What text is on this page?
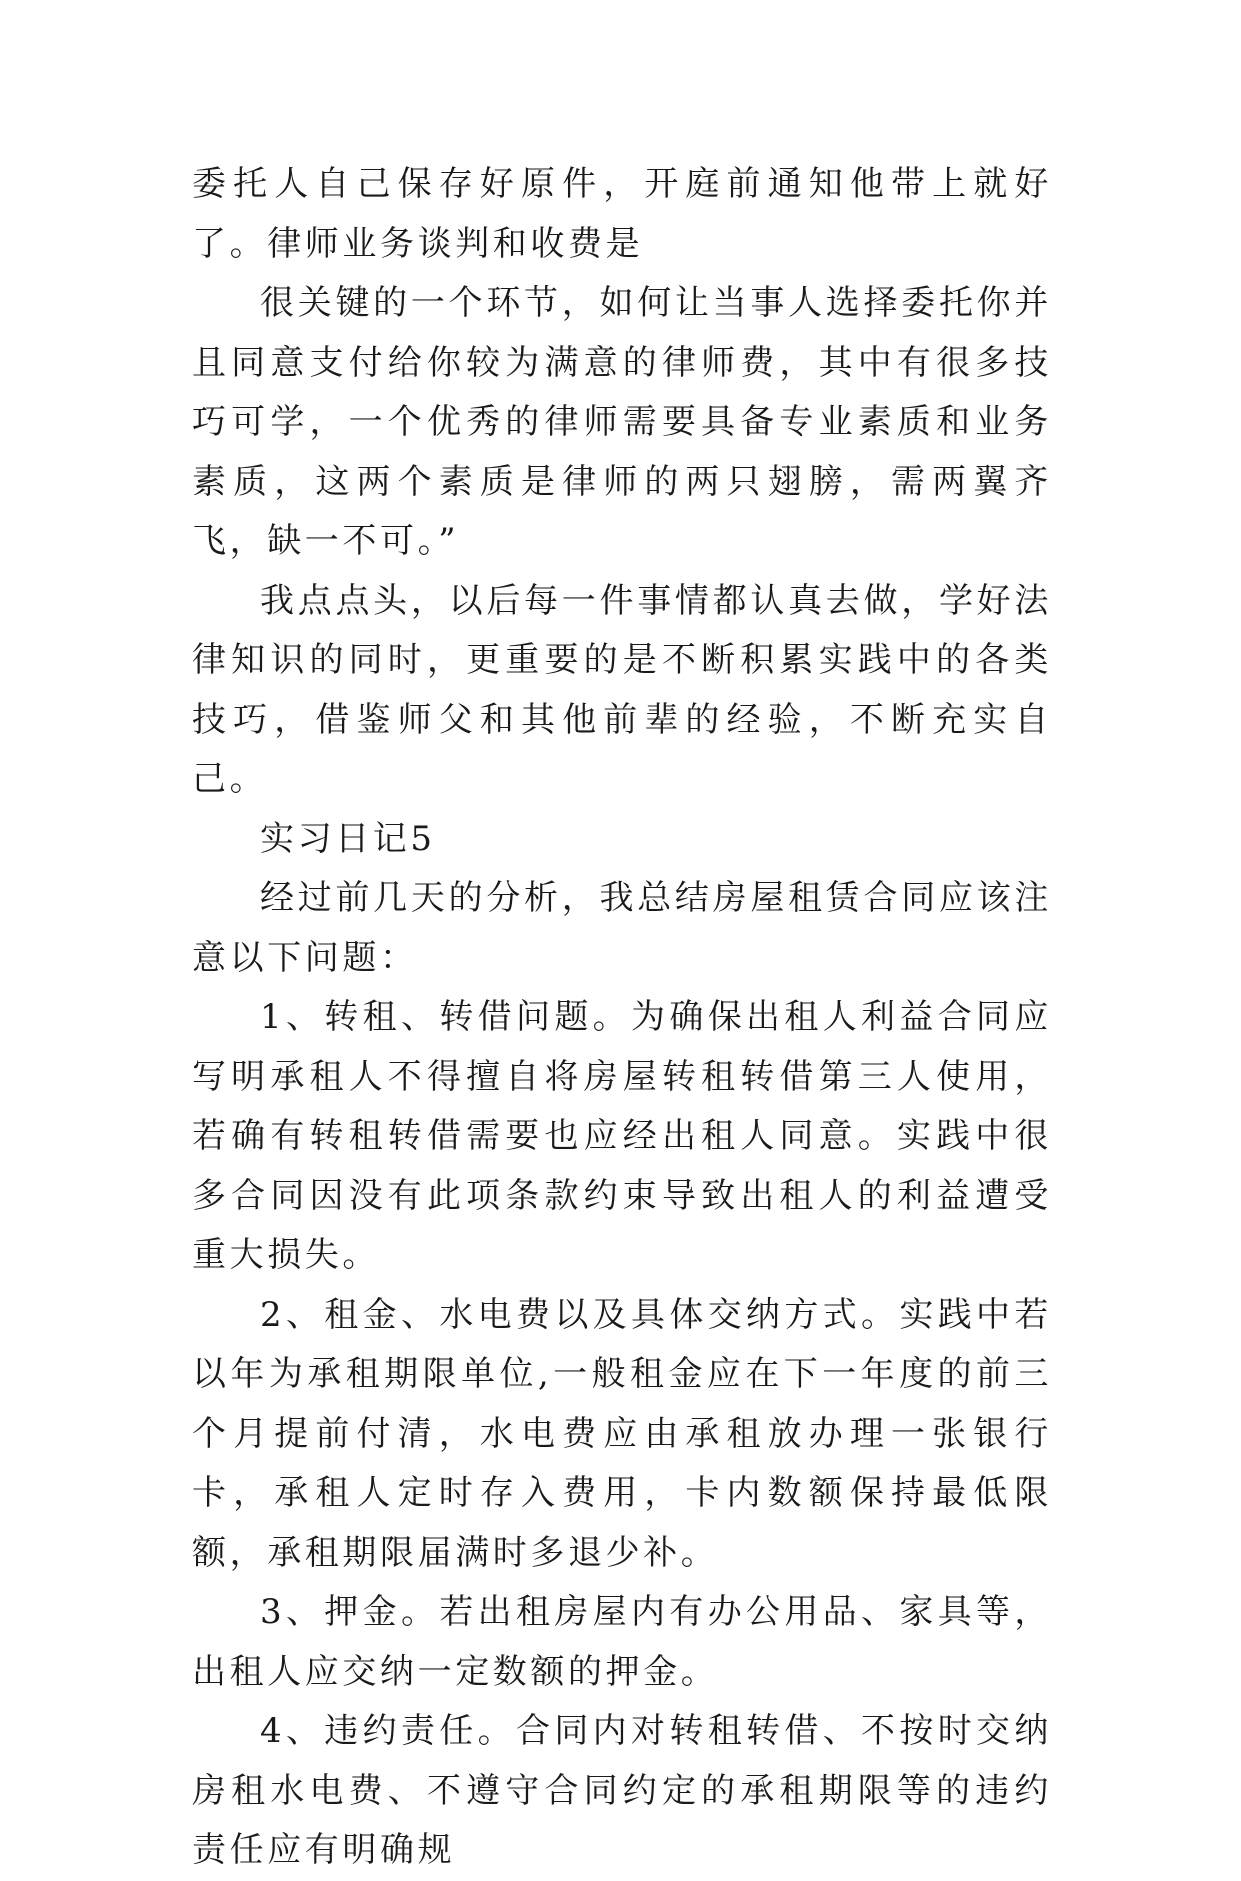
委托人自己保存好原件，开庭前通知他带上就好了。律师业务谈判和收费是

很关键的一个环节，如何让当事人选择委托你并且同意支付给你较为满意的律师费，其中有很多技巧可学，一个优秀的律师需要具备专业素质和业务素质，这两个素质是律师的两只翅膀，需两翼齐飞，缺一不可。”

我点点头，以后每一件事情都认真去做，学好法律知识的同时，更重要的是不断积累实践中的各类技巧，借鉴师父和其他前辈的经验，不断充实自己。

实习日记5

经过前几天的分析，我总结房屋租赁合同应该注意以下问题：

1、转租、转借问题。为确保出租人利益合同应写明承租人不得擅自将房屋转租转借第三人使用，若确有转租转借需要也应经出租人同意。实践中很多合同因没有此项条款约束导致出租人的利益遭受重大损失。

2、租金、水电费以及具体交纳方式。实践中若以年为承租期限单位,一般租金应在下一年度的前三个月提前付清，水电费应由承租放办理一张银行卡，承租人定时存入费用，卡内数额保持最低限额，承租期限届满时多退少补。

3、押金。若出租房屋内有办公用品、家具等，出租人应交纳一定数额的押金。

4、违约责任。合同内对转租转借、不按时交纳房租水电费、不遵守合同约定的承租期限等的违约责任应有明确规
